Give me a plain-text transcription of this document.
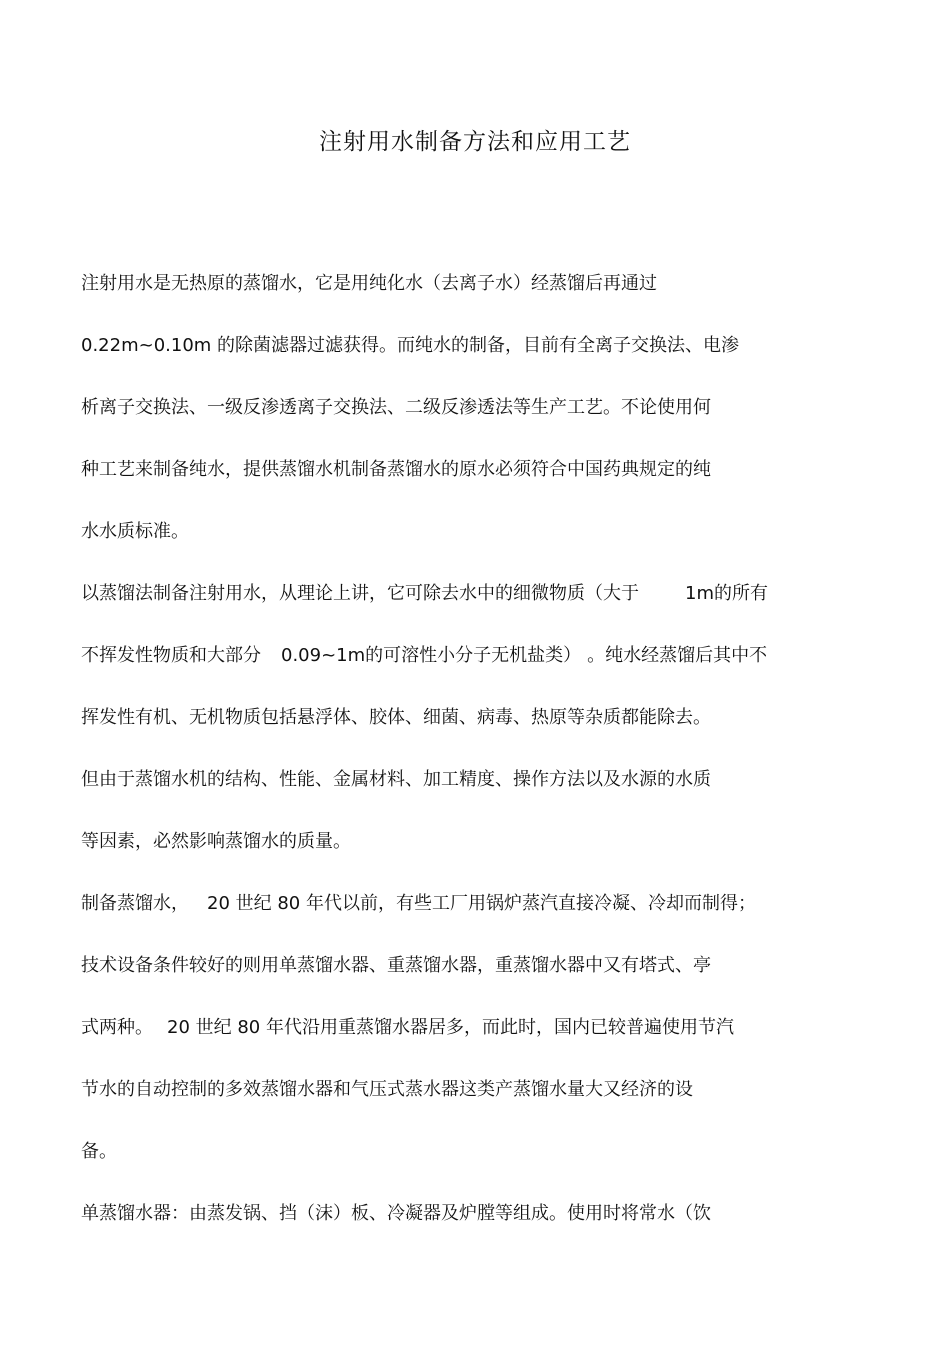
注射用水制备方法和应用工艺
注射用水是无热原的蒸馏水，它是用纯化水（去离子水）经蒸馏后再通过
0.22m~0.10m 的除菌滤器过滤获得。而纯水的制备，目前有全离子交换法、电渗
析离子交换法、一级反渗透离子交换法、二级反渗透法等生产工艺。不论使用何
种工艺来制备纯水，提供蒸馏水机制备蒸馏水的原水必须符合中国药典规定的纯
水水质标准。
以蒸馏法制备注射用水，从理论上讲，它可除去水中的细微物质（大于	1m的所有
不挥发性物质和大部分 0.09~1m的可溶性小分子无机盐类） 。纯水经蒸馏后其中不
挥发性有机、无机物质包括悬浮体、胶体、细菌、病毒、热原等杂质都能除去。
但由于蒸馏水机的结构、性能、金属材料、加工精度、操作方法以及水源的水质
等因素，必然影响蒸馏水的质量。
制备蒸馏水， 20 世纪 80 年代以前，有些工厂用锅炉蒸汽直接冷凝、冷却而制得；
技术设备条件较好的则用单蒸馏水器、重蒸馏水器，重蒸馏水器中又有塔式、亭
式两种。 20 世纪 80 年代沿用重蒸馏水器居多，而此时，国内已较普遍使用节汽
节水的自动控制的多效蒸馏水器和气压式蒸水器这类产蒸馏水量大又经济的设
备。
单蒸馏水器：由蒸发锅、挡（沫）板、冷凝器及炉膛等组成。使用时将常水（饮
